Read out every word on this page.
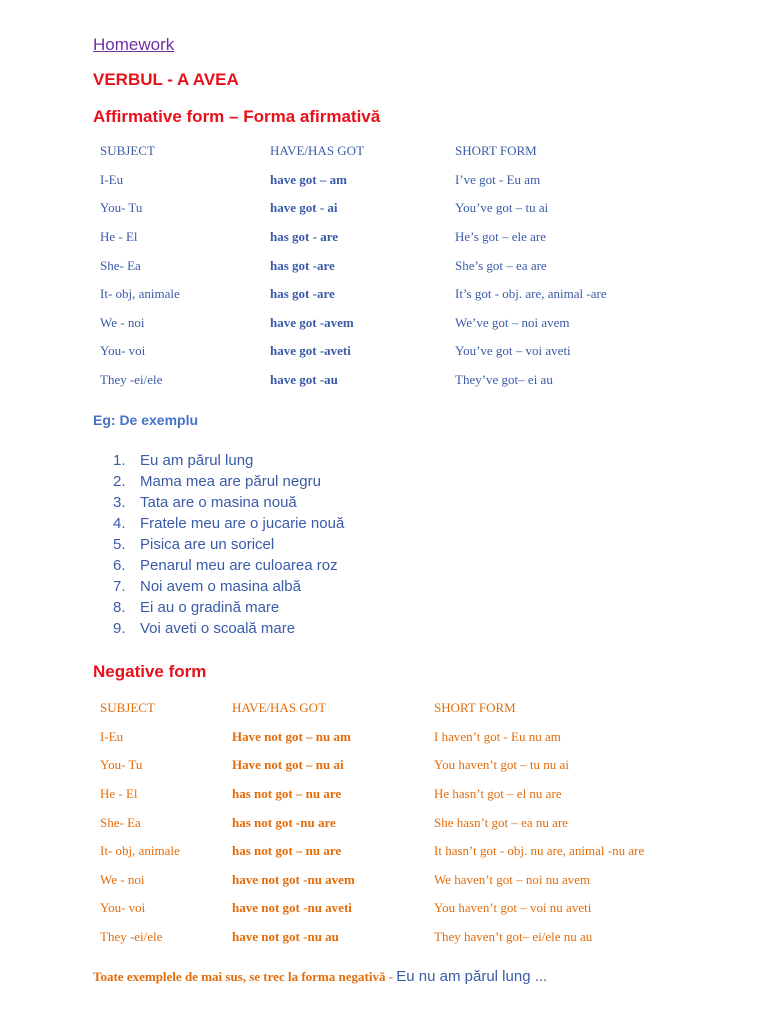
Homework
VERBUL - A AVEA
Affirmative form – Forma afirmativă
SUBJECT	HAVE/HAS GOT	SHORT FORM
I-Eu	have got – am	I’ve got - Eu am
You- Tu	have got - ai	You’ve got – tu ai
He - El	has got - are	He’s got – ele are
She- Ea	has got -are	She’s got – ea are
It- obj, animale	has got -are	It’s got - obj. are, animal -are
We - noi	have got -avem	We’ve got – noi avem
You- voi	have got -aveti	You’ve got – voi aveti
They -ei/ele	have got -au	They’ve got– ei au
Eg: De exemplu
1. Eu am părul lung
2. Mama mea are părul negru
3. Tata are o masina nouă
4. Fratele meu are o jucarie nouă
5. Pisica are un soricel
6. Penarul meu are culoarea roz
7. Noi avem o masina albă
8. Ei au o gradină mare
9. Voi aveti o scoală mare
Negative form
SUBJECT	HAVE/HAS GOT	SHORT FORM
I-Eu	Have not got – nu am	I haven’t got - Eu nu am
You- Tu	Have not got – nu ai	You haven’t got – tu nu ai
He - El	has not got – nu are	He hasn’t got – el nu are
She- Ea	has not got -nu are	She hasn’t got – ea nu are
It- obj, animale	has not got – nu are	It hasn’t got - obj. nu are, animal -nu are
We - noi	have not got -nu avem	We haven’t got – noi nu avem
You- voi	have not got -nu aveti	You haven’t got – voi nu aveti
They -ei/ele	have not got -nu au	They haven’t got– ei/ele nu au
Toate exemplele de mai sus, se trec la forma negativă - Eu nu am părul lung ...
